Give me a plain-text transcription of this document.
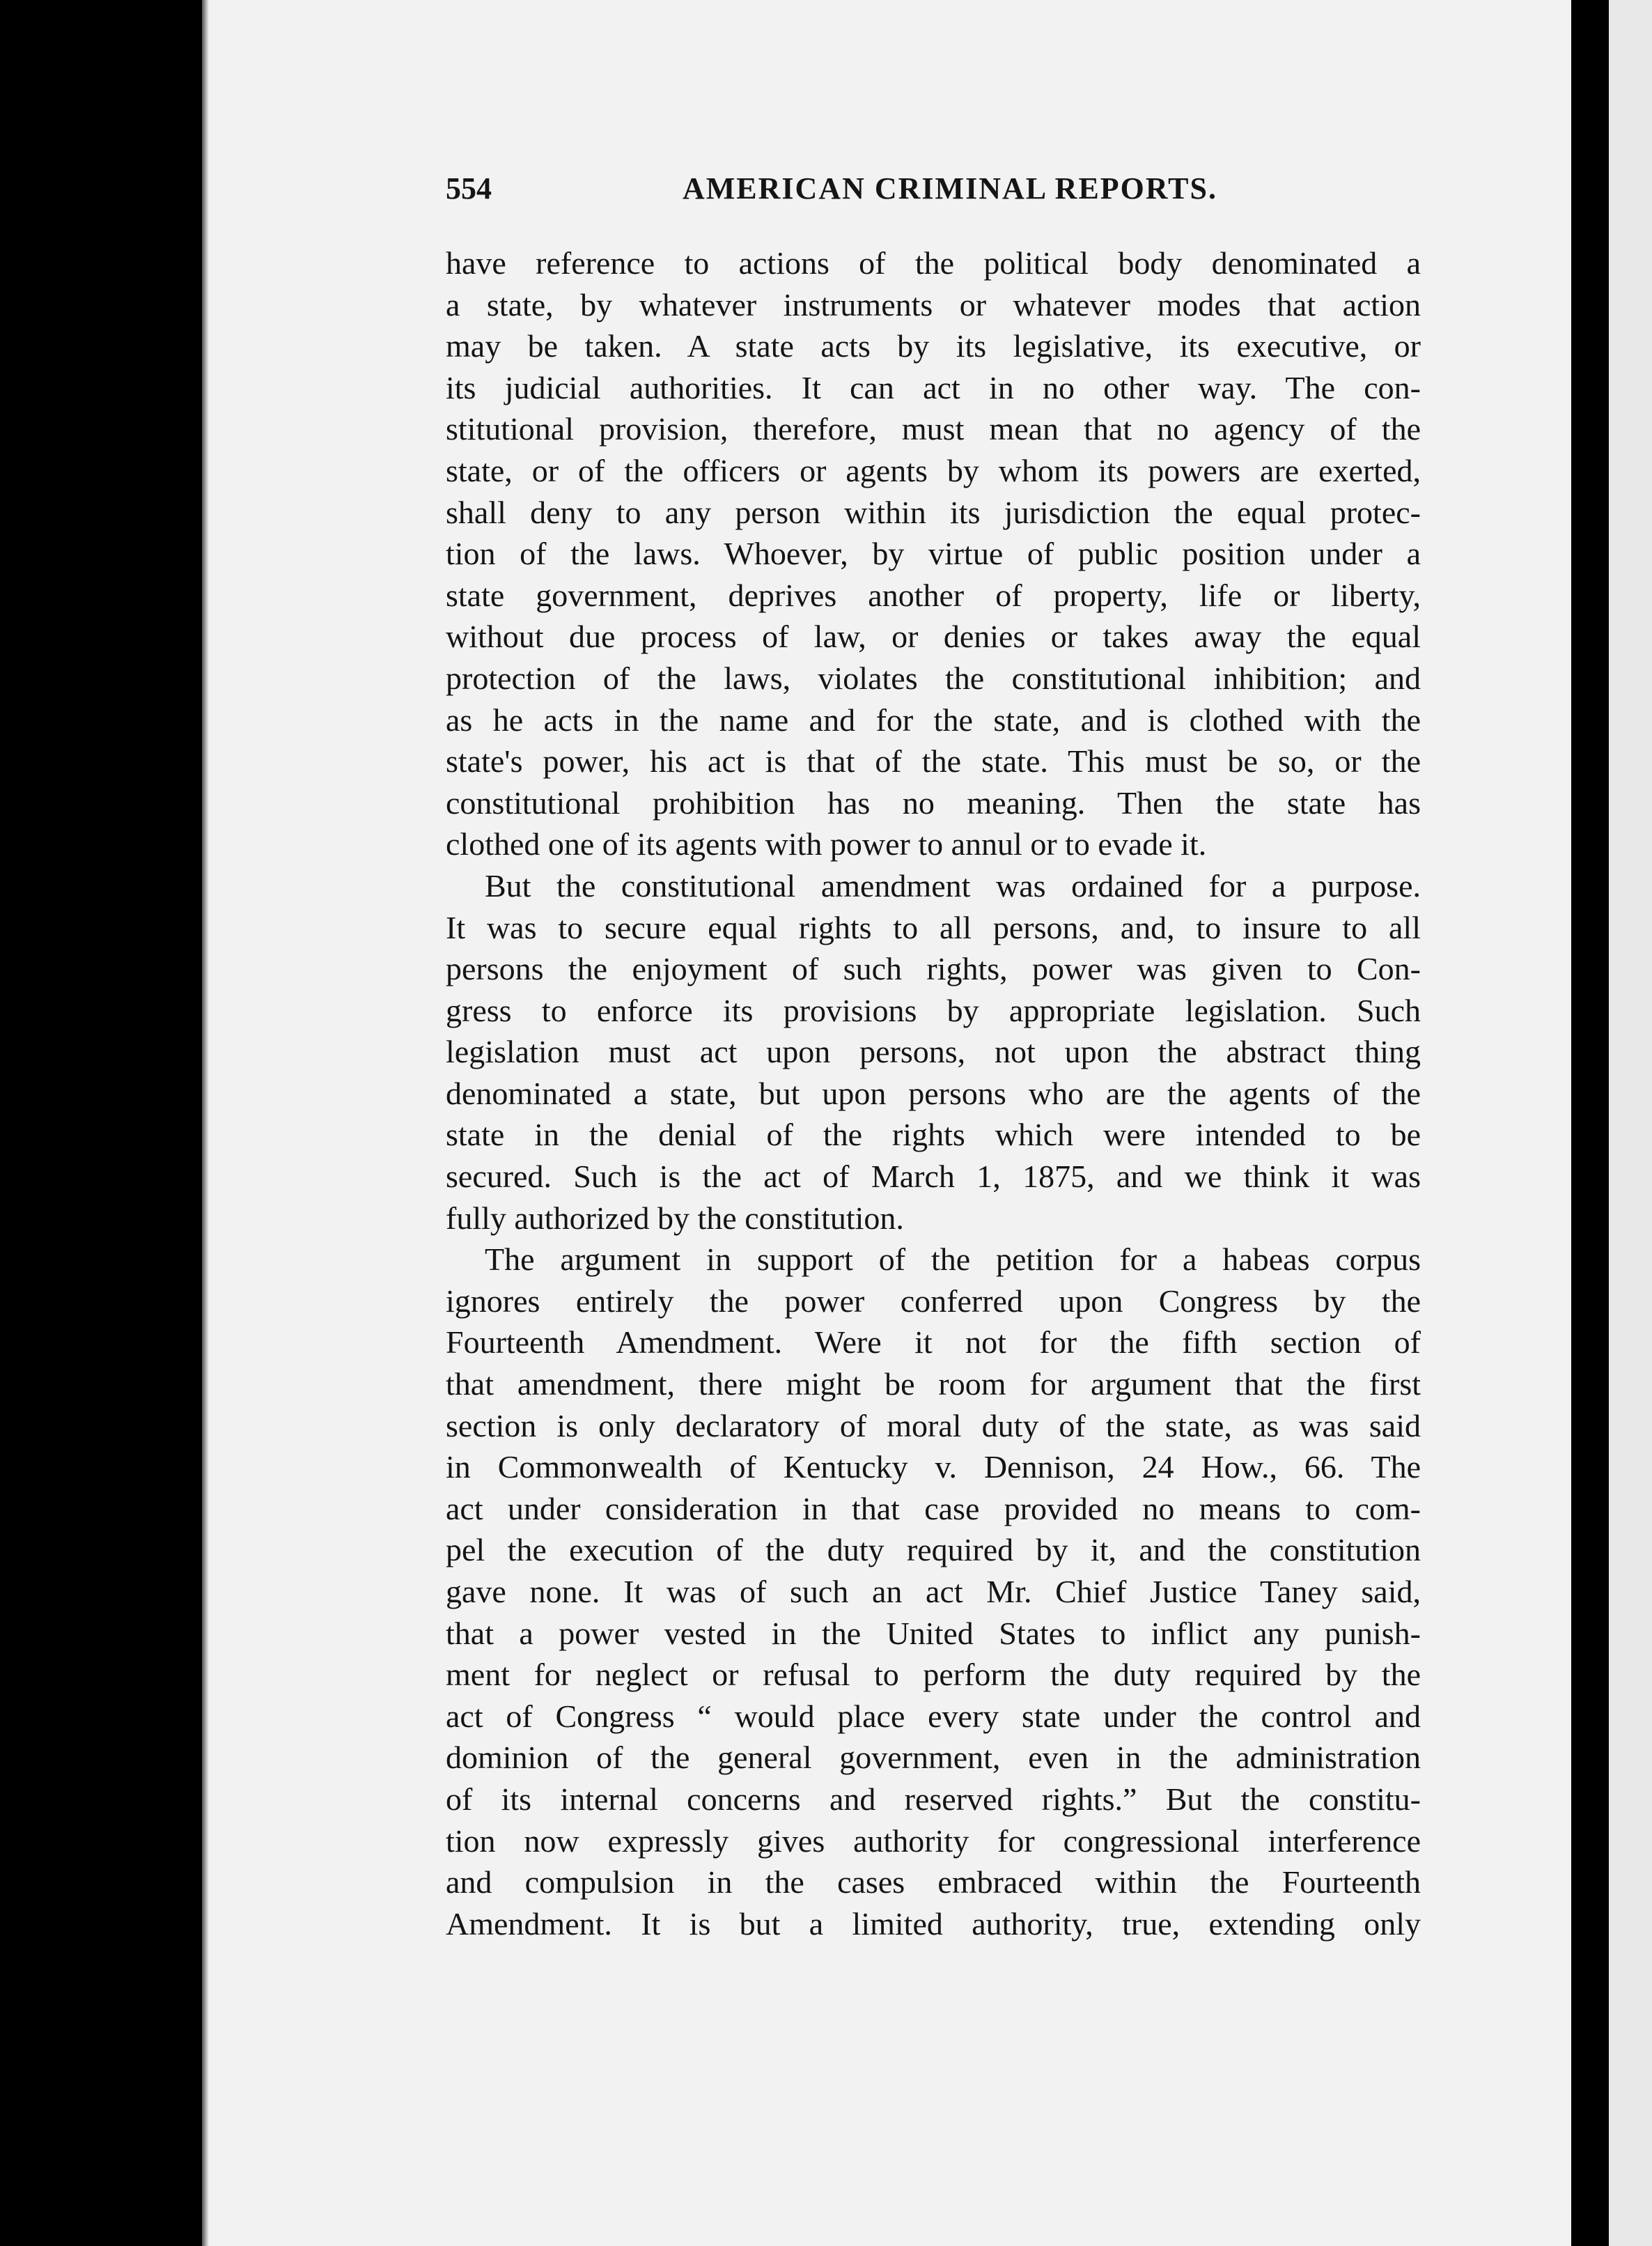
554	AMERICAN CRIMINAL REPORTS.
have reference to actions of the political body denominated a
a state, by whatever instruments or whatever modes that action
may be taken. A state acts by its legislative, its executive, or
its judicial authorities. It can act in no other way. The con-
stitutional provision, therefore, must mean that no agency of the
state, or of the officers or agents by whom its powers are exerted,
shall deny to any person within its jurisdiction the equal protec-
tion of the laws. Whoever, by virtue of public position under a
state government, deprives another of property, life or liberty,
without due process of law, or denies or takes away the equal
protection of the laws, violates the constitutional inhibition; and
as he acts in the name and for the state, and is clothed with the
state's power, his act is that of the state. This must be so, or the
constitutional prohibition has no meaning. Then the state has
clothed one of its agents with power to annul or to evade it.
But the constitutional amendment was ordained for a purpose.
It was to secure equal rights to all persons, and, to insure to all
persons the enjoyment of such rights, power was given to Con-
gress to enforce its provisions by appropriate legislation. Such
legislation must act upon persons, not upon the abstract thing
denominated a state, but upon persons who are the agents of the
state in the denial of the rights which were intended to be
secured. Such is the act of March 1, 1875, and we think it was
fully authorized by the constitution.
The argument in support of the petition for a habeas corpus
ignores entirely the power conferred upon Congress by the
Fourteenth Amendment. Were it not for the fifth section of
that amendment, there might be room for argument that the first
section is only declaratory of moral duty of the state, as was said
in Commonwealth of Kentucky v. Dennison, 24 How., 66. The
act under consideration in that case provided no means to com-
pel the execution of the duty required by it, and the constitution
gave none. It was of such an act Mr. Chief Justice Taney said,
that a power vested in the United States to inflict any punish-
ment for neglect or refusal to perform the duty required by the
act of Congress “ would place every state under the control and
dominion of the general government, even in the administration
of its internal concerns and reserved rights.” But the constitu-
tion now expressly gives authority for congressional interference
and compulsion in the cases embraced within the Fourteenth
Amendment. It is but a limited authority, true, extending only
